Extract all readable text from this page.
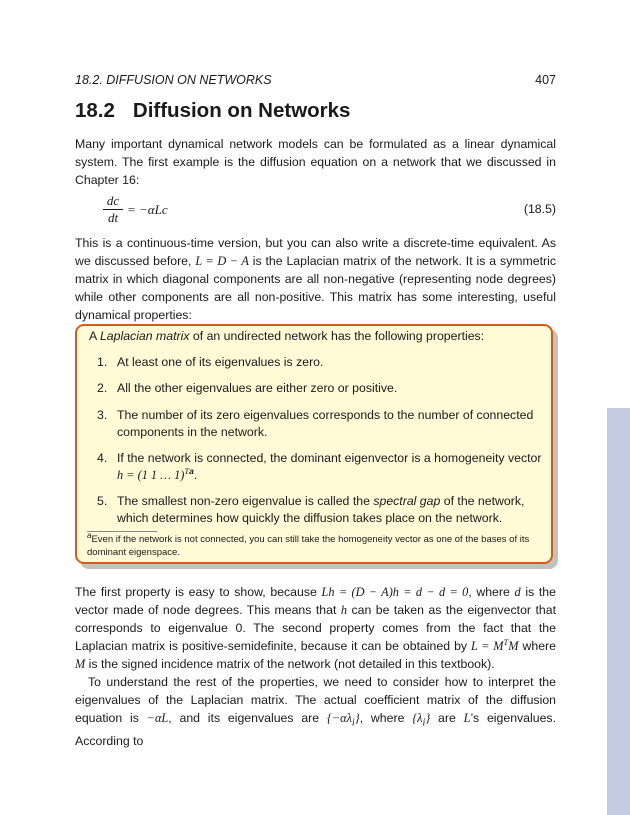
18.2. DIFFUSION ON NETWORKS	407
18.2 Diffusion on Networks

Many important dynamical network models can be formulated as a linear dynamical system. The first example is the diffusion equation on a network that we discussed in Chapter 16:

$\frac{dc}{dt} = -\alpha Lc$	(18.5)

This is a continuous-time version, but you can also write a discrete-time equivalent. As we discussed before, L = D − A is the Laplacian matrix of the network. It is a symmetric matrix in which diagonal components are all non-negative (representing node degrees) while other components are all non-positive. This matrix has some interesting, useful dynamical properties:

A Laplacian matrix of an undirected network has the following properties:
1. At least one of its eigenvalues is zero.
2. All the other eigenvalues are either zero or positive.
3. The number of its zero eigenvalues corresponds to the number of connected components in the network.
4. If the network is connected, the dominant eigenvector is a homogeneity vector
h = (1 1 … 1)$^{Ta}$.
5. The smallest non-zero eigenvalue is called the spectral gap of the network, which determines how quickly the diffusion takes place on the network.
$^a$Even if the network is not connected, you can still take the homogeneity vector as one of the bases of its dominant eigenspace.

The first property is easy to show, because Lh = (D − A)h = d − d = 0, where d is the vector made of node degrees. This means that h can be taken as the eigenvector that corresponds to eigenvalue 0. The second property comes from the fact that the Laplacian matrix is positive-semidefinite, because it can be obtained by $L = M^TM$ where M is the signed incidence matrix of the network (not detailed in this textbook).

To understand the rest of the properties, we need to consider how to interpret the eigenvalues of the Laplacian matrix. The actual coefficient matrix of the diffusion equation is −αL, and its eigenvalues are $\{-\alpha\lambda_i\}$, where $\{\lambda_i\}$ are L’s eigenvalues. According to
